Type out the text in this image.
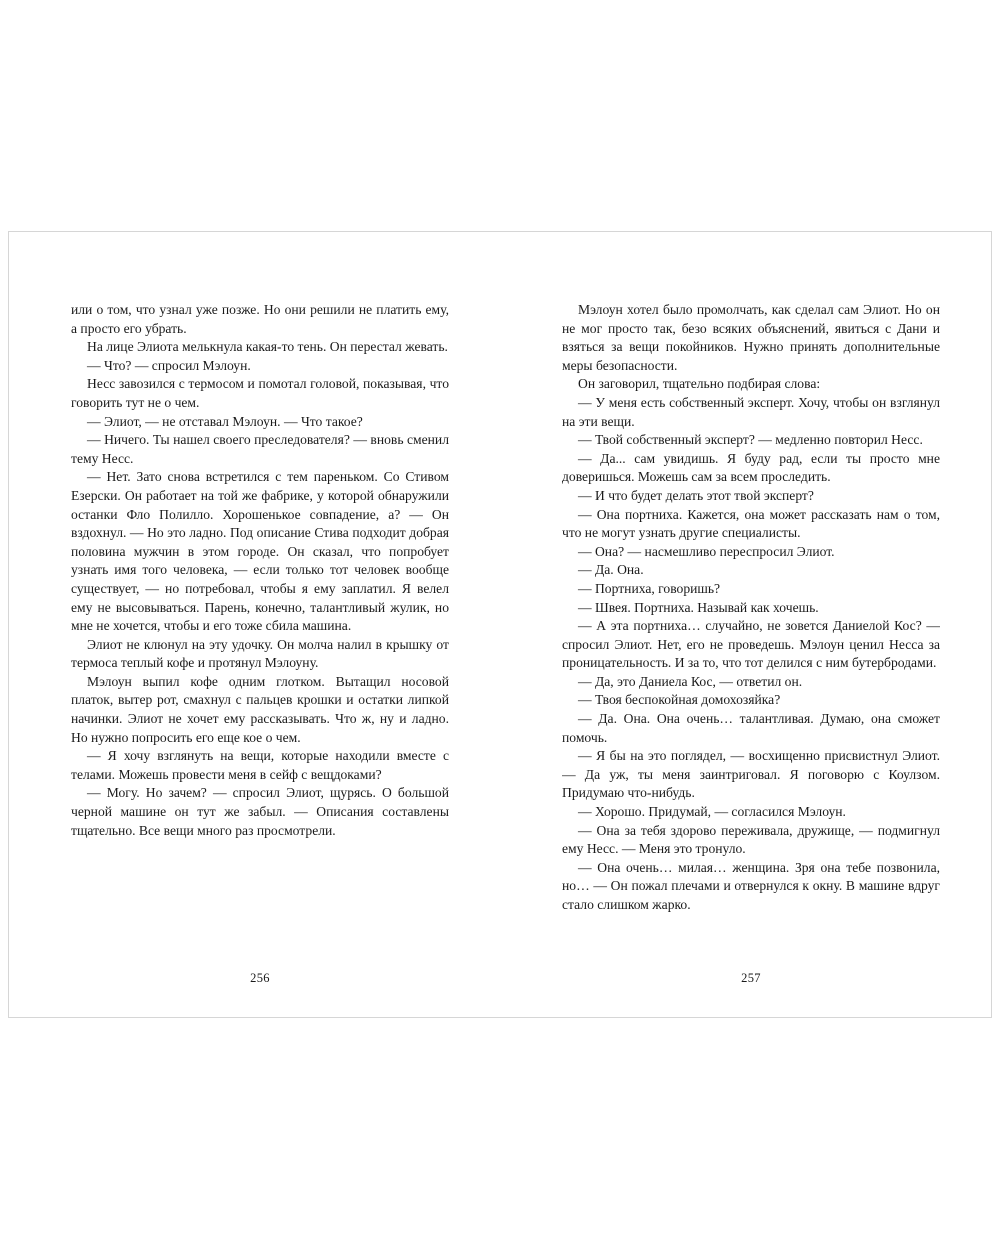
или о том, что узнал уже позже. Но они решили не платить ему, а просто его убрать.

На лице Элиота мелькнула какая-то тень. Он перестал жевать.

— Что? — спросил Мэлоун.

Несс завозился с термосом и помотал головой, показывая, что говорить тут не о чем.

— Элиот, — не отставал Мэлоун. — Что такое?

— Ничего. Ты нашел своего преследователя? — вновь сменил тему Несс.

— Нет. Зато снова встретился с тем пареньком. Со Стивом Езерски. Он работает на той же фабрике, у которой обнаружили останки Фло Полилло. Хорошенькое совпадение, а? — Он вздохнул. — Но это ладно. Под описание Стива подходит добрая половина мужчин в этом городе. Он сказал, что попробует узнать имя того человека, — если только тот человек вообще существует, — но потребовал, чтобы я ему заплатил. Я велел ему не высовываться. Парень, конечно, талантливый жулик, но мне не хочется, чтобы и его тоже сбила машина.

Элиот не клюнул на эту удочку. Он молча налил в крышку от термоса теплый кофе и протянул Мэлоуну.

Мэлоун выпил кофе одним глотком. Вытащил носовой платок, вытер рот, смахнул с пальцев крошки и остатки липкой начинки. Элиот не хочет ему рассказывать. Что ж, ну и ладно. Но нужно попросить его еще кое о чем.

— Я хочу взглянуть на вещи, которые находили вместе с телами. Можешь провести меня в сейф с вещдоками?

— Могу. Но зачем? — спросил Элиот, щурясь. О большой черной машине он тут же забыл. — Описания составлены тщательно. Все вещи много раз просмотрели.

256

Мэлоун хотел было промолчать, как сделал сам Элиот. Но он не мог просто так, безо всяких объяснений, явиться с Дани и взяться за вещи покойников. Нужно принять дополнительные меры безопасности.

Он заговорил, тщательно подбирая слова:

— У меня есть собственный эксперт. Хочу, чтобы он взглянул на эти вещи.

— Твой собственный эксперт? — медленно повторил Несс.

— Да... сам увидишь. Я буду рад, если ты просто мне доверишься. Можешь сам за всем проследить.

— И что будет делать этот твой эксперт?

— Она портниха. Кажется, она может рассказать нам о том, что не могут узнать другие специалисты.

— Она? — насмешливо переспросил Элиот.

— Да. Она.

— Портниха, говоришь?

— Швея. Портниха. Называй как хочешь.

— А эта портниха… случайно, не зовется Даниелой Кос? — спросил Элиот. Нет, его не проведешь. Мэлоун ценил Несса за проницательность. И за то, что тот делился с ним бутербродами.

— Да, это Даниела Кос, — ответил он.

— Твоя беспокойная домохозяйка?

— Да. Она. Она очень… талантливая. Думаю, она сможет помочь.

— Я бы на это поглядел, — восхищенно присвистнул Элиот. — Да уж, ты меня заинтриговал. Я поговорю с Коулзом. Придумаю что-нибудь.

— Хорошо. Придумай, — согласился Мэлоун.

— Она за тебя здорово переживала, дружище, — подмигнул ему Несс. — Меня это тронуло.

— Она очень… милая… женщина. Зря она тебе позвонила, но… — Он пожал плечами и отвернулся к окну. В машине вдруг стало слишком жарко.

257
